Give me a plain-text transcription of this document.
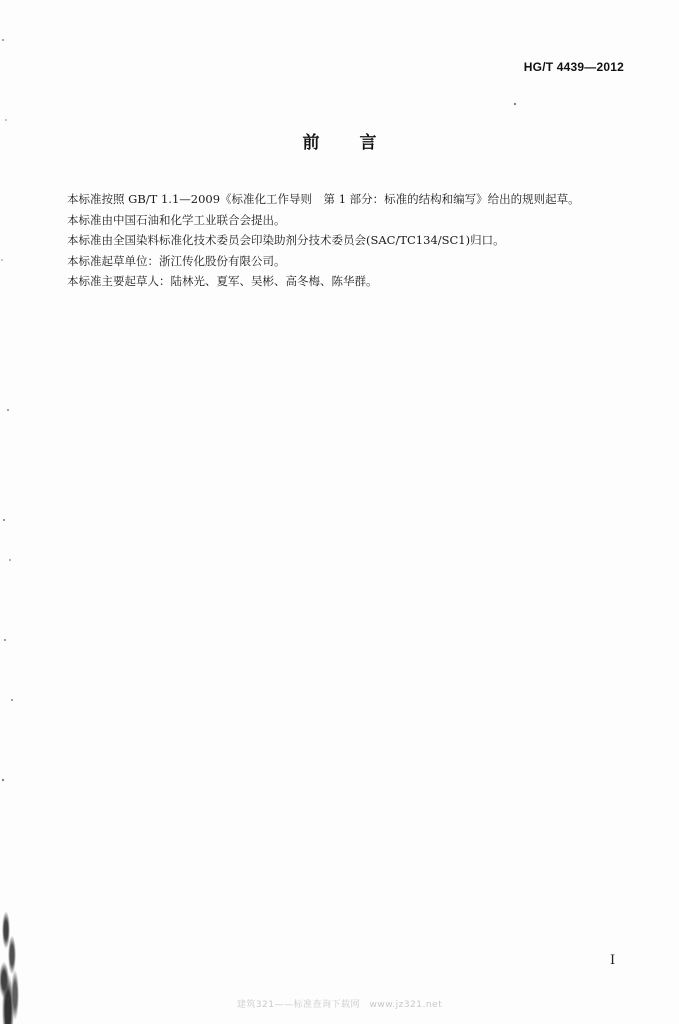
HG/T 4439—2012
前言

本标准按照 GB/T 1.1—2009《标准化工作导则　第 1 部分：标准的结构和编写》给出的规则起草。

本标准由中国石油和化学工业联合会提出。

本标准由全国染料标准化技术委员会印染助剂分技术委员会(SAC/TC134/SC1)归口。

本标准起草单位：浙江传化股份有限公司。

本标准主要起草人：陆林光、夏军、吴彬、高冬梅、陈华群。

I
建筑321——标准查询下载网　www.jz321.net
